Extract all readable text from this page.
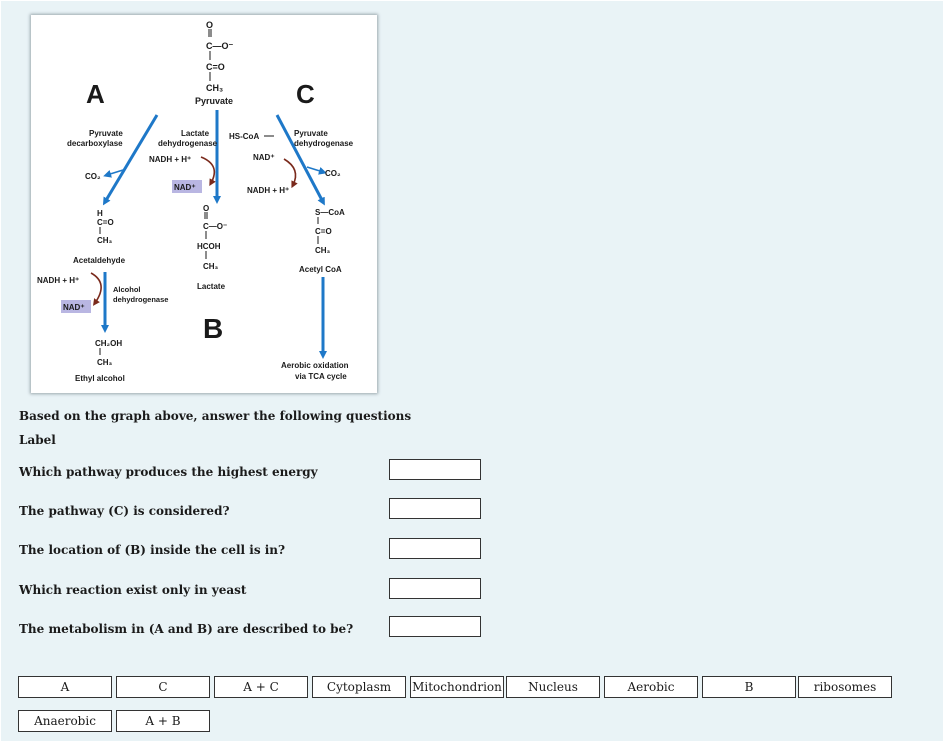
A
B
C
O
C—O⁻
C=O
CH₃
Pyruvate
Pyruvate
decarboxylase
Lactate
dehydrogenase
NADH + H⁺
NAD⁺
CO₂
HS-CoA	Pyruvate
dehydrogenase
NAD⁺
CO₂
NADH + H⁺
H
C=O
CH₃
Acetaldehyde
O
C—O⁻
HCOH
CH₃
Lactate
S—CoA
C=O
CH₃
Acetyl CoA
NADH + H⁺
NAD⁺
Alcohol
dehydrogenase
CH₂OH
CH₃
Ethyl alcohol
Aerobic oxidation
via TCA cycle
Based on the graph above, answer the following questions
Label
Which pathway produces the highest energy
The pathway (C) is considered?
The location of (B) inside the cell is in?
Which reaction exist only in yeast
The metabolism in (A and B) are described to be?
A	C	A + C	Cytoplasm	Mitochondrion	Nucleus	Aerobic	B	ribosomes
Anaerobic	A + B
